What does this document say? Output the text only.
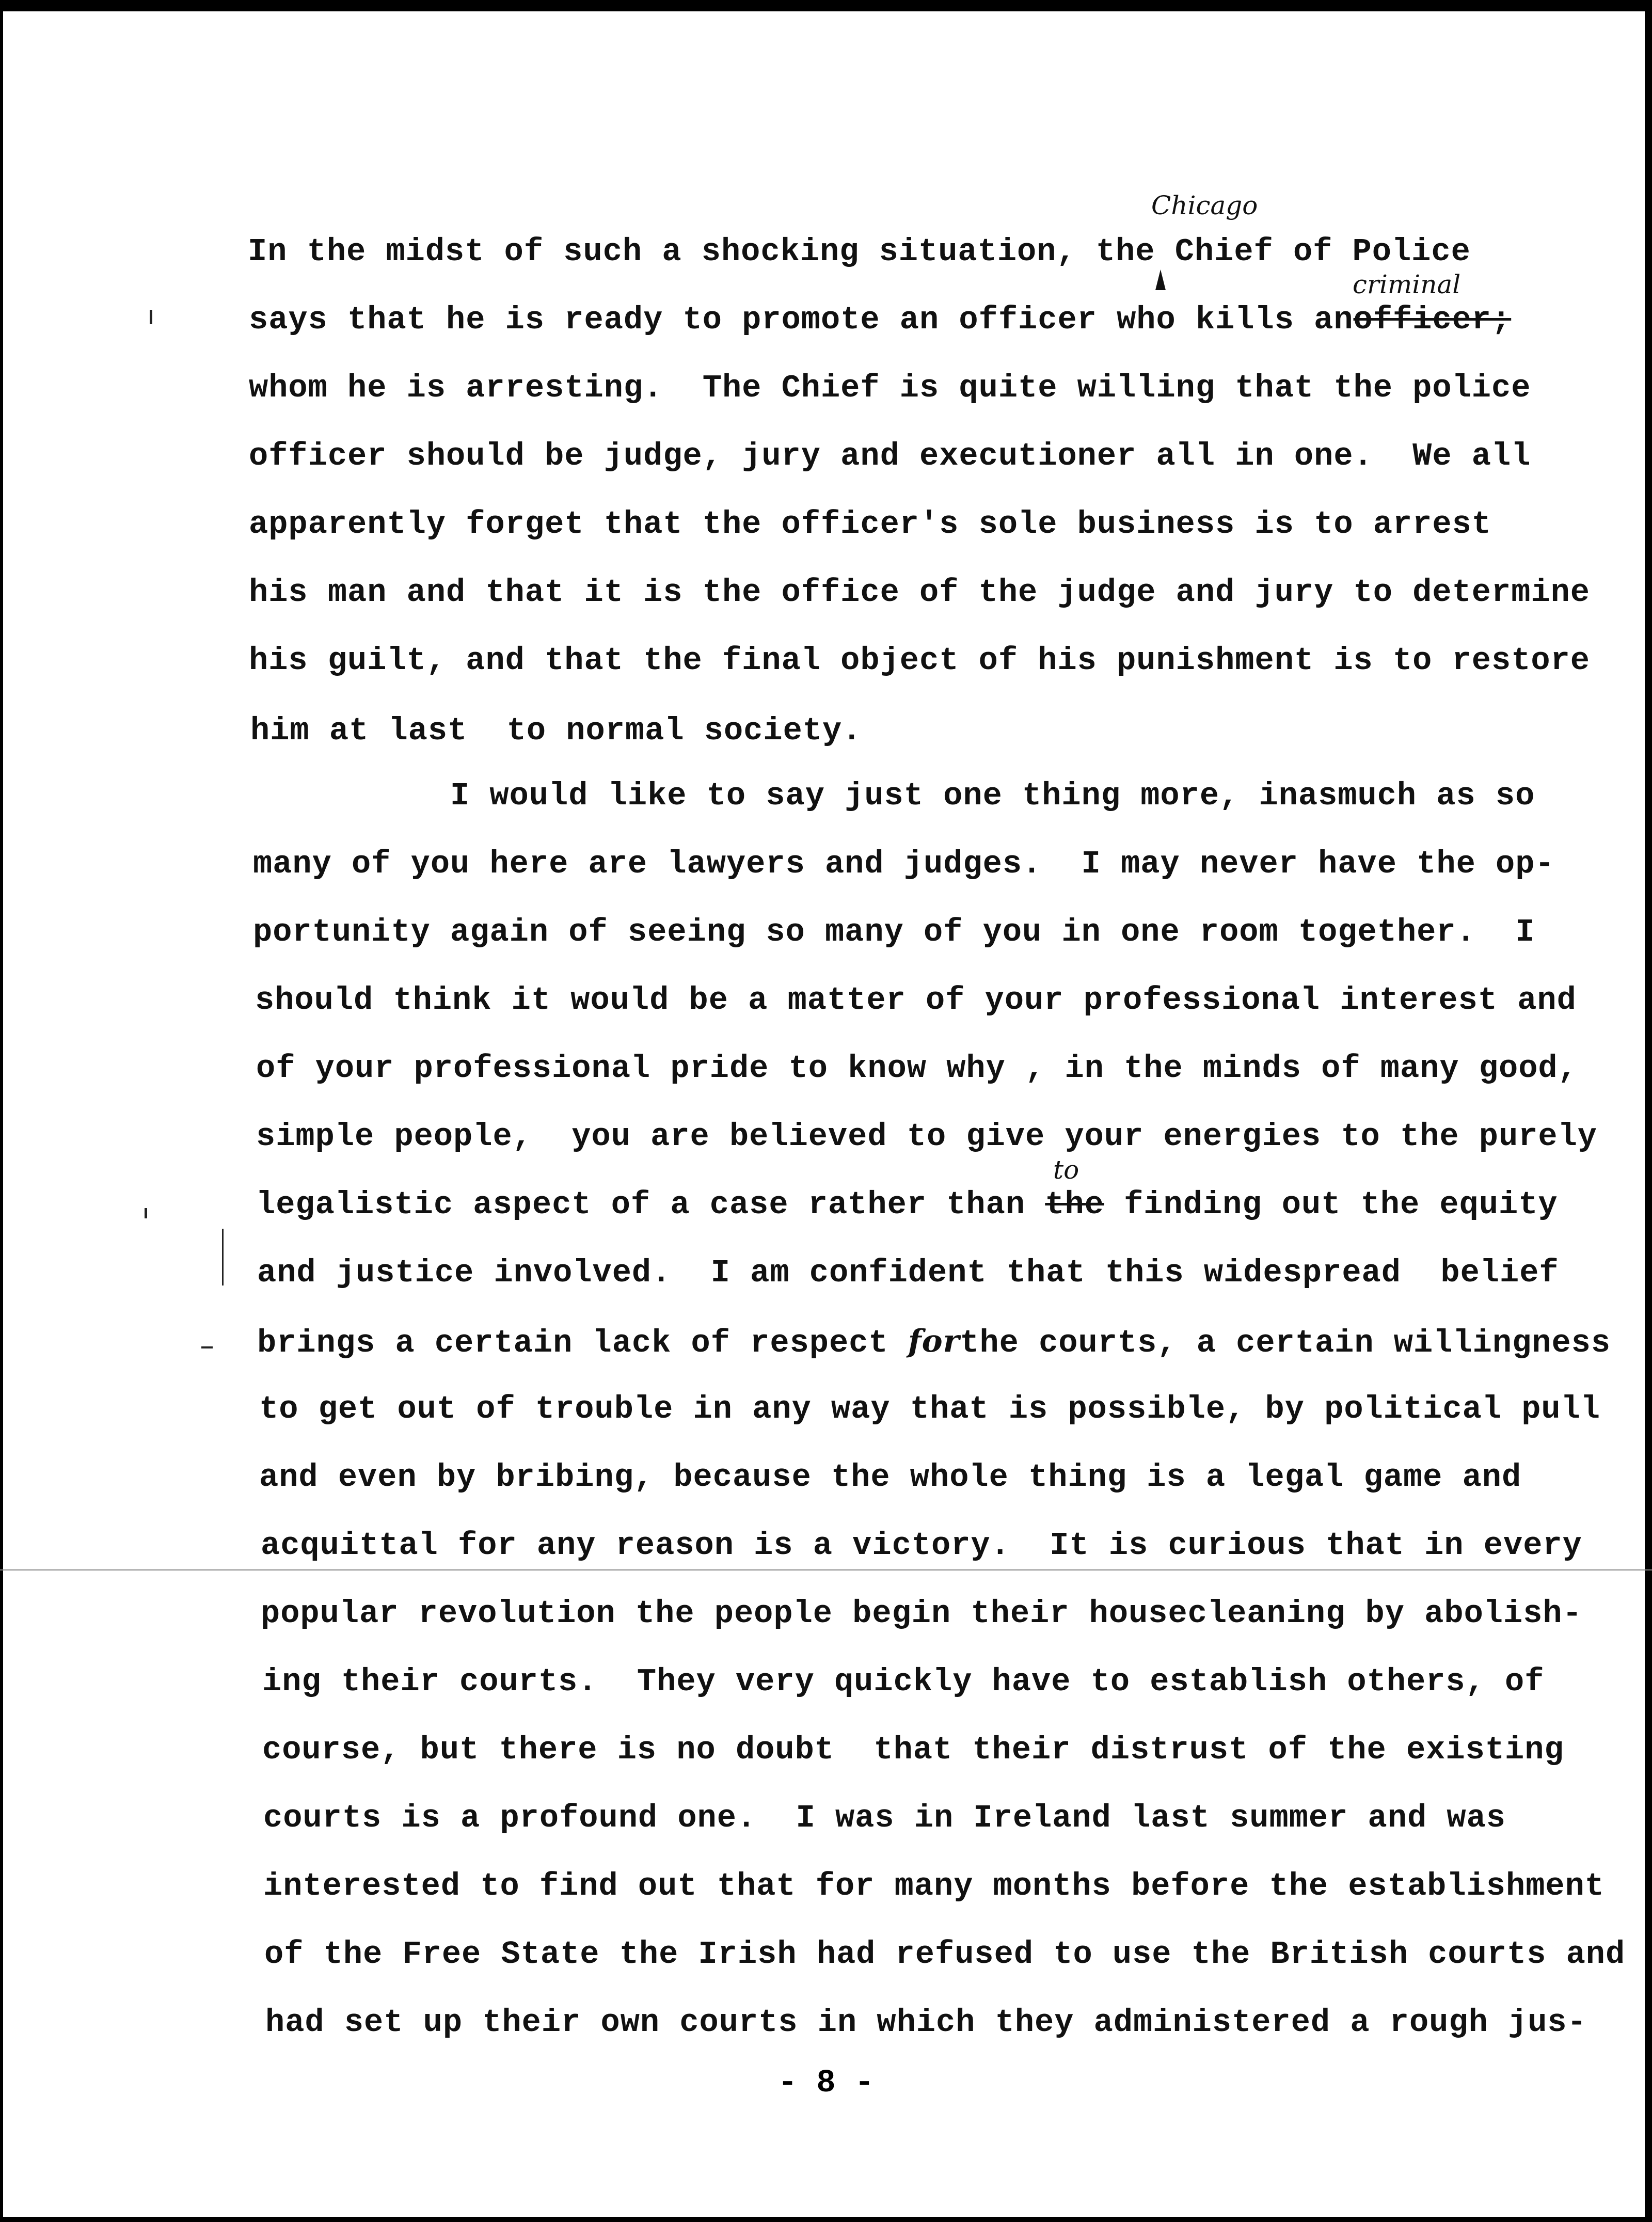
In the midst of such a shocking situation, the Chief of Police
Chicago
says that he is ready to promote an officer who kills anofficer;
criminal
whom he is arresting.  The Chief is quite willing that the police
officer should be judge, jury and executioner all in one.  We all
apparently forget that the officer's sole business is to arrest
his man and that it is the office of the judge and jury to determine
his guilt, and that the final object of his punishment is to restore
him at last  to normal society.
I would like to say just one thing more, inasmuch as so
many of you here are lawyers and judges.  I may never have the op-
portunity again of seeing so many of you in one room together.  I
should think it would be a matter of your professional interest and
of your professional pride to know why , in the minds of many good,
simple people,  you are believed to give your energies to the purely
legalistic aspect of a case rather than the finding out the equity
to
and justice involved.  I am confident that this widespread  belief
brings a certain lack of respect forthe courts, a certain willingness
to get out of trouble in any way that is possible, by political pull
and even by bribing, because the whole thing is a legal game and
acquittal for any reason is a victory.  It is curious that in every
popular revolution the people begin their housecleaning by abolish-
ing their courts.  They very quickly have to establish others, of
course, but there is no doubt  that their distrust of the existing
courts is a profound one.  I was in Ireland last summer and was
interested to find out that for many months before the establishment
of the Free State the Irish had refused to use the British courts and
had set up their own courts in which they administered a rough jus-
- 8 -
